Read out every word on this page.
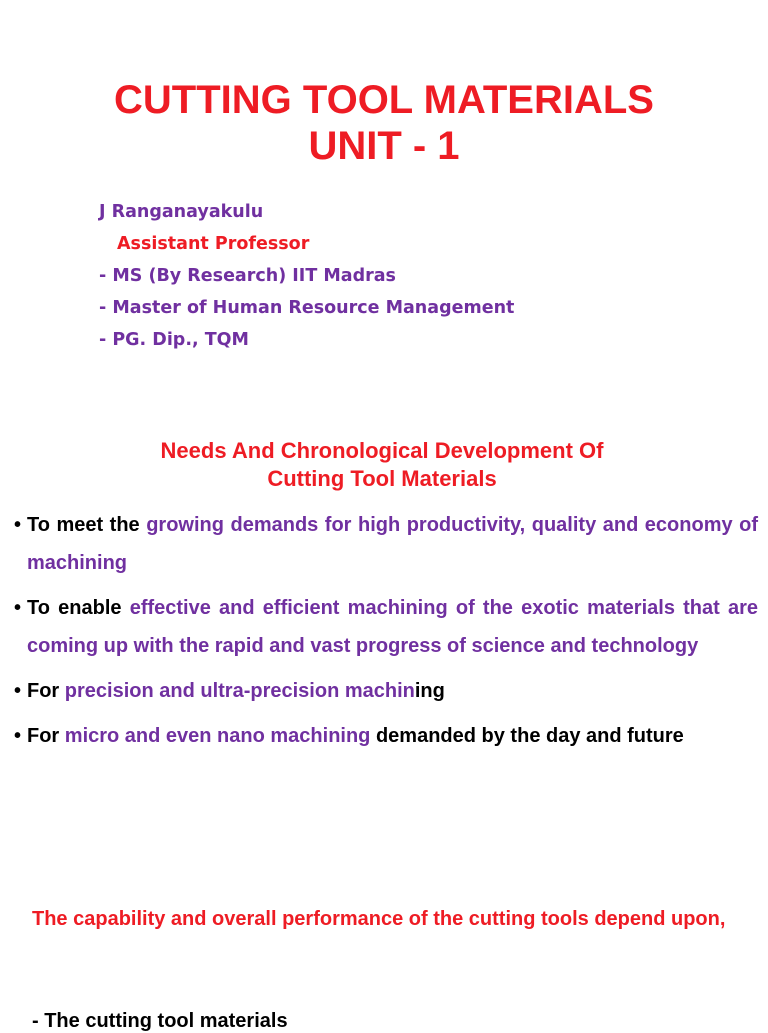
CUTTING TOOL MATERIALS
UNIT - 1
J Ranganayakulu
Assistant Professor
- MS (By Research) IIT Madras
- Master of Human Resource Management
- PG. Dip., TQM
Needs And Chronological Development Of
Cutting Tool Materials
• To meet the growing demands for high productivity, quality and economy of machining
• To enable effective and efficient machining of the exotic materials that are coming up with the rapid and vast progress of science and technology
• For precision and ultra-precision machining
• For micro and even nano machining demanded by the day and future
The capability and overall performance of the cutting tools depend upon,
- The cutting tool materials
